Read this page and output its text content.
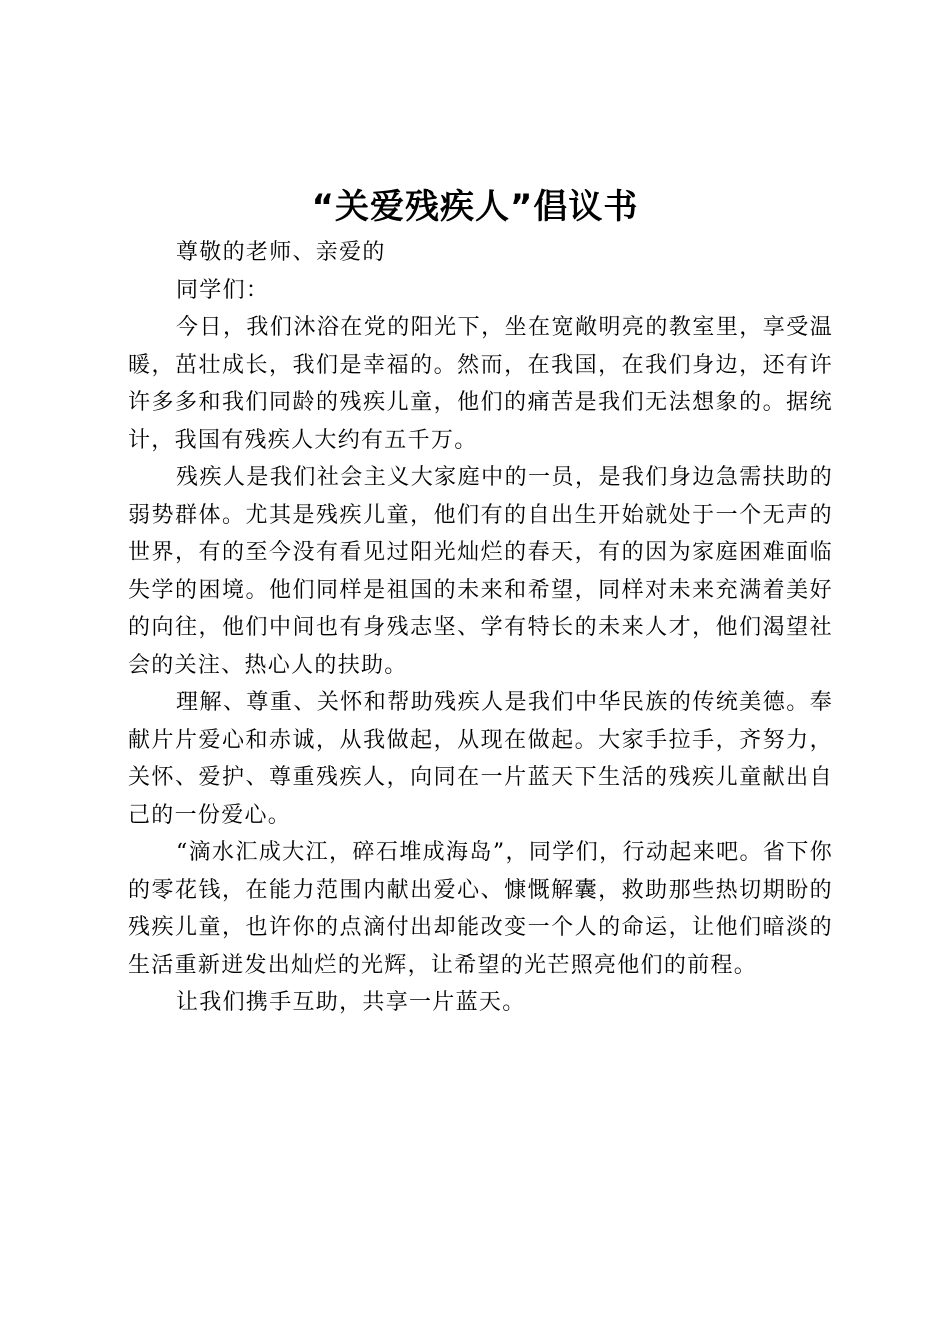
“关爱残疾人”倡议书

尊敬的老师、亲爱的

同学们：

今日，我们沐浴在党的阳光下，坐在宽敞明亮的教室里，享受温暖，茁壮成长，我们是幸福的。然而，在我国，在我们身边，还有许许多多和我们同龄的残疾儿童，他们的痛苦是我们无法想象的。据统计，我国有残疾人大约有五千万。

残疾人是我们社会主义大家庭中的一员，是我们身边急需扶助的弱势群体。尤其是残疾儿童，他们有的自出生开始就处于一个无声的世界，有的至今没有看见过阳光灿烂的春天，有的因为家庭困难面临失学的困境。他们同样是祖国的未来和希望，同样对未来充满着美好的向往，他们中间也有身残志坚、学有特长的未来人才，他们渴望社会的关注、热心人的扶助。

理解、尊重、关怀和帮助残疾人是我们中华民族的传统美德。奉献片片爱心和赤诚，从我做起，从现在做起。大家手拉手，齐努力，关怀、爱护、尊重残疾人，向同在一片蓝天下生活的残疾儿童献出自己的一份爱心。

“滴水汇成大江，碎石堆成海岛”，同学们，行动起来吧。省下你的零花钱，在能力范围内献出爱心、慷慨解囊，救助那些热切期盼的残疾儿童，也许你的点滴付出却能改变一个人的命运，让他们暗淡的生活重新迸发出灿烂的光辉，让希望的光芒照亮他们的前程。

让我们携手互助，共享一片蓝天。
